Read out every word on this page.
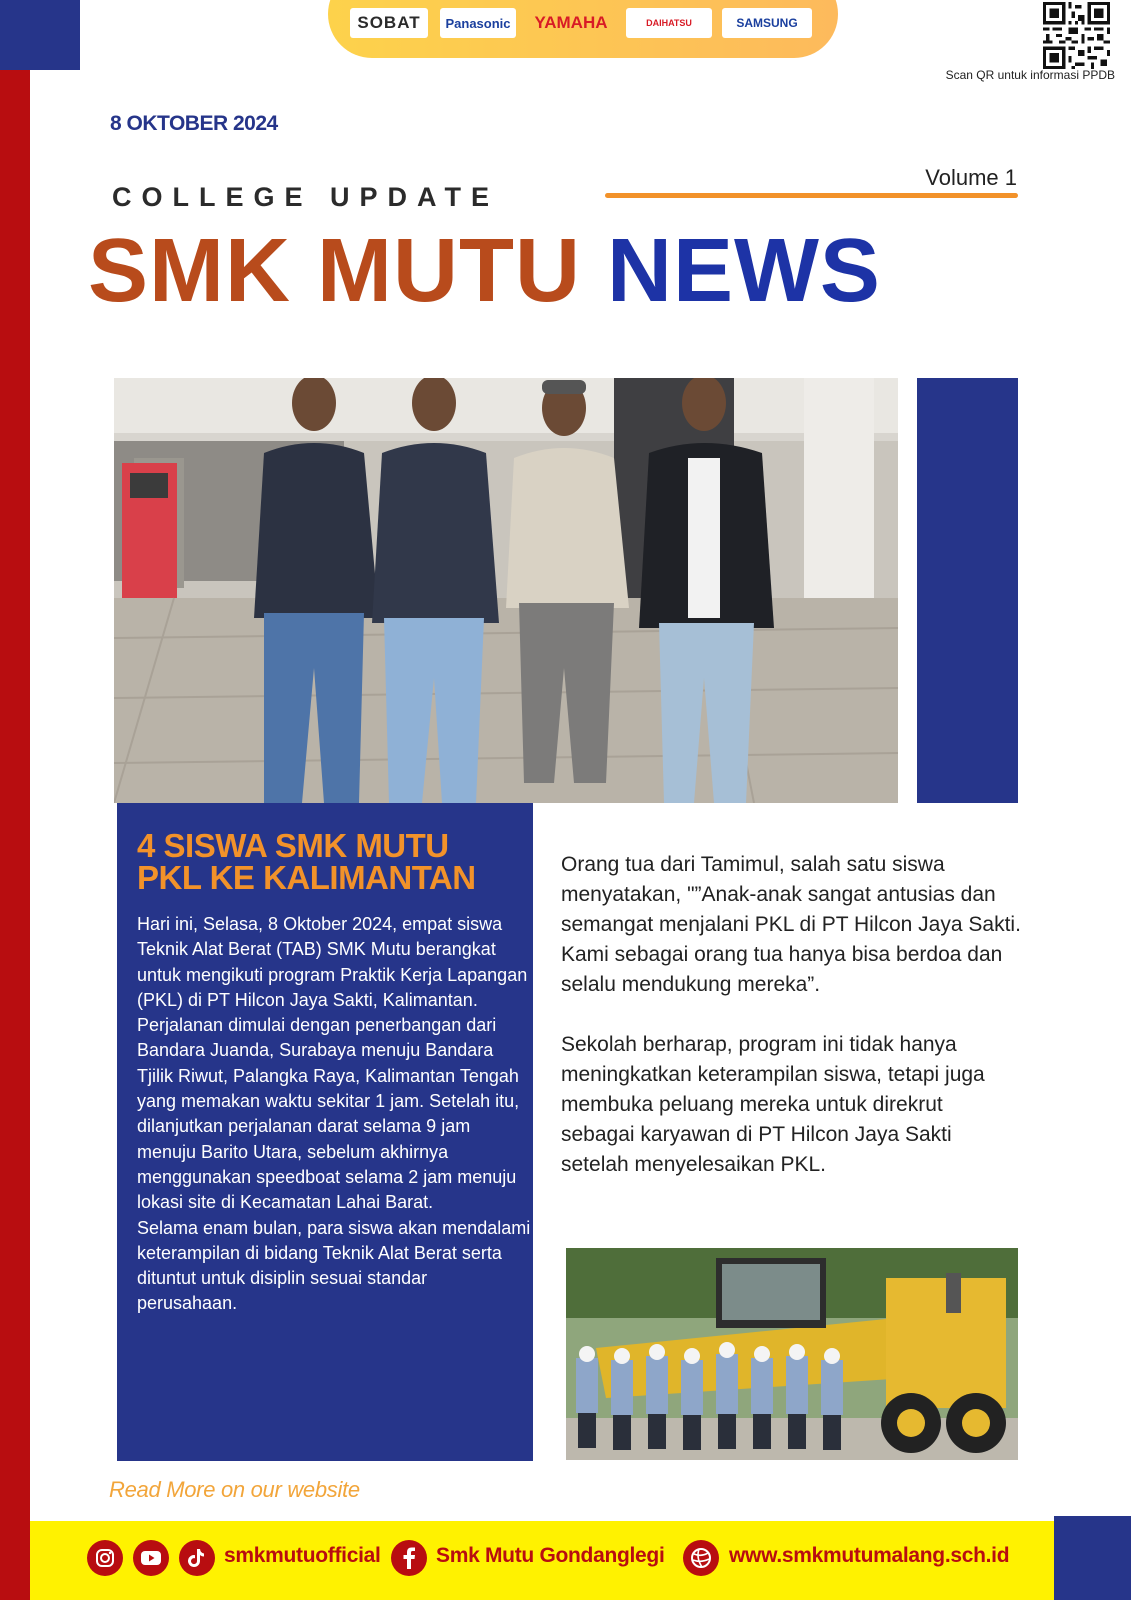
SOBAT	Panasonic	YAMAHA	DAIHATSU	SAMSUNG
Scan QR untuk informasi PPDB
8 OKTOBER 2024
COLLEGE UPDATE
Volume 1
SMK MUTU NEWS
4 SISWA SMK MUTU
PKL KE KALIMANTAN

Hari ini, Selasa, 8 Oktober 2024, empat siswa Teknik Alat Berat (TAB) SMK Mutu berangkat untuk mengikuti program Praktik Kerja Lapangan (PKL) di PT Hilcon Jaya Sakti, Kalimantan. Perjalanan dimulai dengan penerbangan dari Bandara Juanda, Surabaya menuju Bandara Tjilik Riwut, Palangka Raya, Kalimantan Tengah yang memakan waktu sekitar 1 jam. Setelah itu, dilanjutkan perjalanan darat selama 9 jam menuju Barito Utara, sebelum akhirnya menggunakan speedboat selama 2 jam menuju lokasi site di Kecamatan Lahai Barat.

Selama enam bulan, para siswa akan mendalami keterampilan di bidang Teknik Alat Berat serta dituntut untuk disiplin sesuai standar perusahaan.

Orang tua dari Tamimul, salah satu siswa menyatakan, "”Anak-anak sangat antusias dan semangat menjalani PKL di PT Hilcon Jaya Sakti. Kami sebagai orang tua hanya bisa berdoa dan selalu mendukung mereka”.

Sekolah berharap, program ini tidak hanya meningkatkan keterampilan siswa, tetapi juga membuka peluang mereka untuk direkrut sebagai karyawan di PT Hilcon Jaya Sakti setelah menyelesaikan PKL.

Read More on our website
smkmutuofficial	Smk Mutu Gondanglegi	www.smkmutumalang.sch.id
